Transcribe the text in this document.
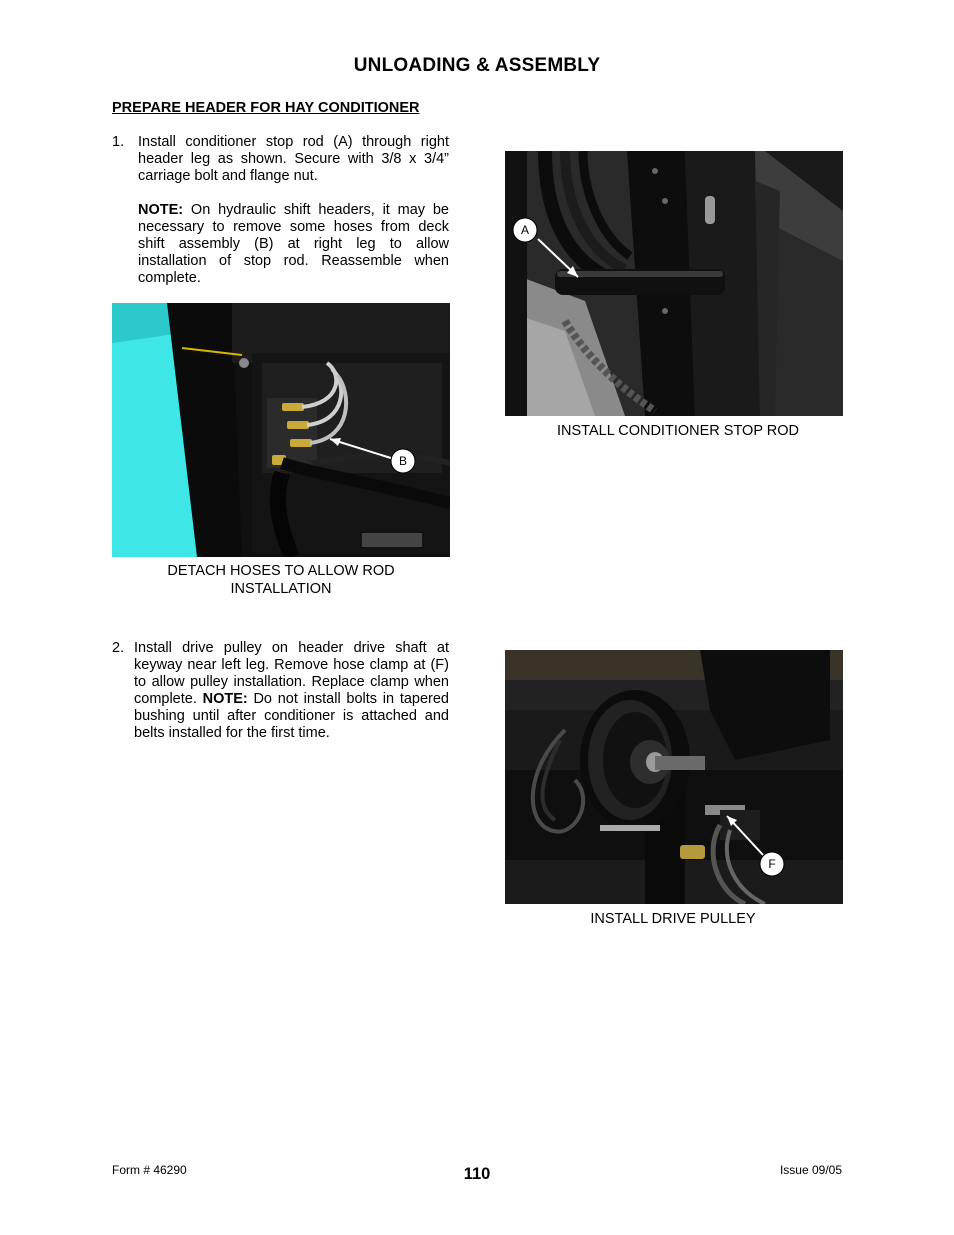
UNLOADING & ASSEMBLY
PREPARE HEADER FOR HAY CONDITIONER
1. Install conditioner stop rod (A) through right header leg as shown. Secure with 3/8 x 3/4” carriage bolt and flange nut.
NOTE: On hydraulic shift headers, it may be necessary to remove some hoses from deck shift assembly (B) at right leg to allow installation of stop rod. Reassemble when complete.
A
INSTALL CONDITIONER STOP ROD
B
DETACH HOSES TO ALLOW ROD
INSTALLATION
2. Install drive pulley on header drive shaft at keyway near left leg. Remove hose clamp at (F) to allow pulley installation. Replace clamp when complete. NOTE: Do not install bolts in tapered bushing until after conditioner is attached and belts installed for the first time.
F
INSTALL DRIVE PULLEY
Form # 46290	110	Issue 09/05
